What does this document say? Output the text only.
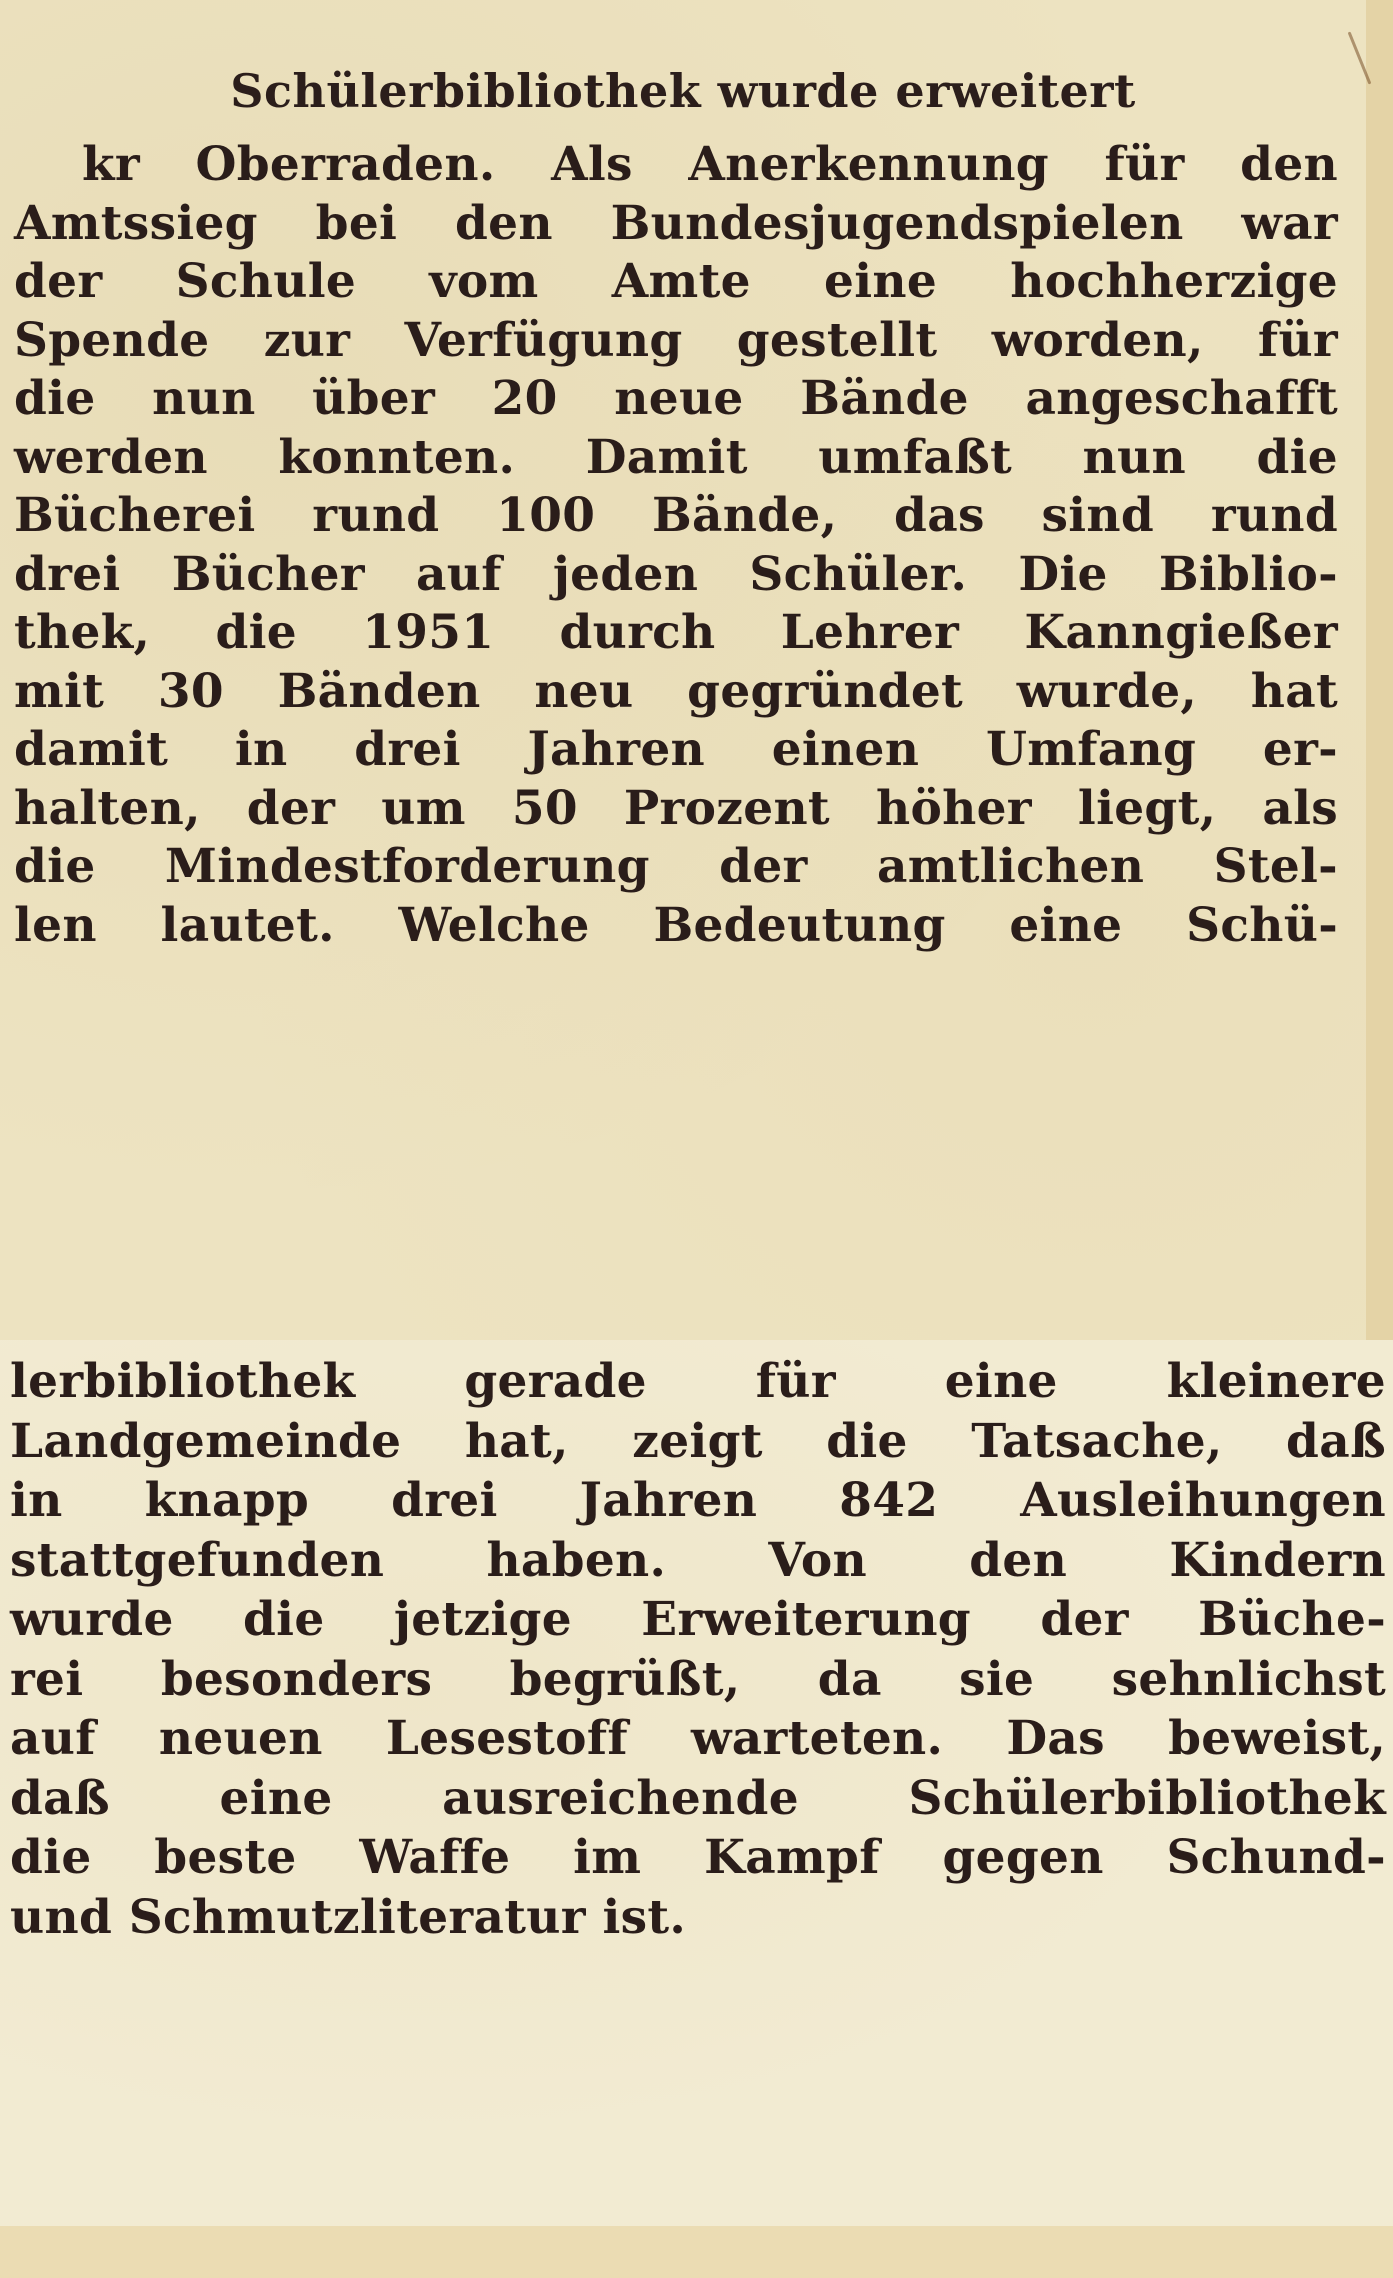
Schülerbibliothek wurde erweitert
kr Oberraden. Als Anerkennung für den
Amtssieg bei den Bundesjugendspielen war
der Schule vom Amte eine hochherzige
Spende zur Verfügung gestellt worden, für
die nun über 20 neue Bände angeschafft
werden konnten. Damit umfaßt nun die
Bücherei rund 100 Bände, das sind rund
drei Bücher auf jeden Schüler. Die Biblio-
thek, die 1951 durch Lehrer Kanngießer
mit 30 Bänden neu gegründet wurde, hat
damit in drei Jahren einen Umfang er-
halten, der um 50 Prozent höher liegt, als
die Mindestforderung der amtlichen Stel-
len lautet. Welche Bedeutung eine Schü-
lerbibliothek gerade für eine kleinere
Landgemeinde hat, zeigt die Tatsache, daß
in knapp drei Jahren 842 Ausleihungen
stattgefunden haben. Von den Kindern
wurde die jetzige Erweiterung der Büche-
rei besonders begrüßt, da sie sehnlichst
auf neuen Lesestoff warteten. Das beweist,
daß eine ausreichende Schülerbibliothek
die beste Waffe im Kampf gegen Schund-
und Schmutzliteratur ist.
